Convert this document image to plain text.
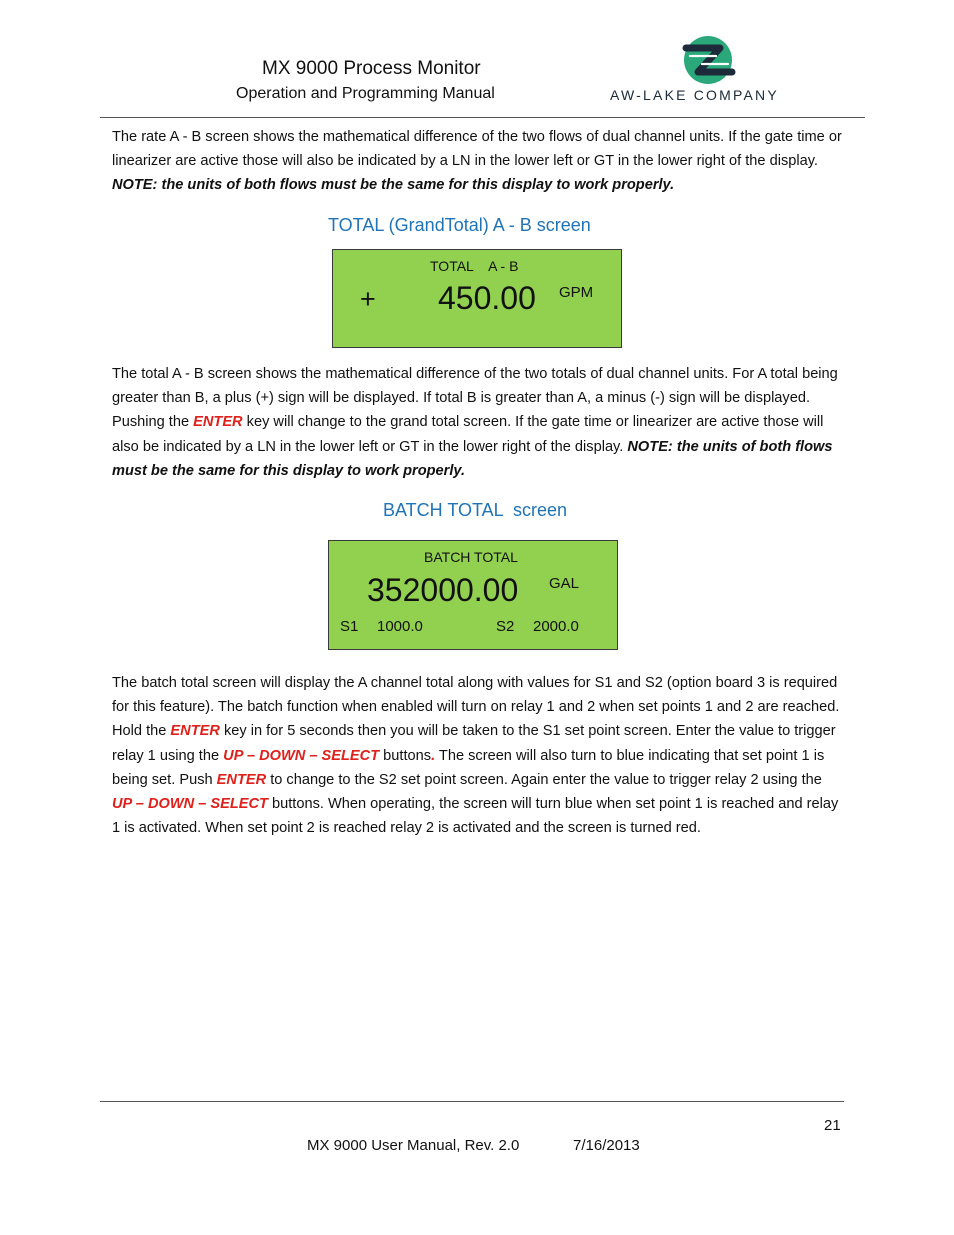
MX 9000 Process Monitor
Operation and Programming Manual	AW-LAKE COMPANY

The rate A - B screen shows the mathematical difference of the two flows of dual channel units. If the gate time or linearizer are active those will also be indicated by a LN in the lower left or GT in the lower right of the display. NOTE: the units of both flows must be the same for this display to work properly.

TOTAL (GrandTotal) A - B screen
TOTAL    A - B
+ 450.00 GPM

The total A - B screen shows the mathematical difference of the two totals of dual channel units. For A total being greater than B, a plus (+) sign will be displayed. If total B is greater than A, a minus (-) sign will be displayed. Pushing the ENTER key will change to the grand total screen. If the gate time or linearizer are active those will also be indicated by a LN in the lower left or GT in the lower right of the display. NOTE: the units of both flows must be the same for this display to work properly.

BATCH TOTAL  screen
BATCH TOTAL
352000.00 GAL
S1 1000.0	S2 2000.0

The batch total screen will display the A channel total along with values for S1 and S2 (option board 3 is required for this feature). The batch function when enabled will turn on relay 1 and 2 when set points 1 and 2 are reached. Hold the ENTER key in for 5 seconds then you will be taken to the S1 set point screen. Enter the value to trigger relay 1 using the UP – DOWN – SELECT buttons. The screen will also turn to blue indicating that set point 1 is being set. Push ENTER to change to the S2 set point screen. Again enter the value to trigger relay 2 using the UP – DOWN – SELECT buttons. When operating, the screen will turn blue when set point 1 is reached and relay 1 is activated. When set point 2 is reached relay 2 is activated and the screen is turned red.

21
MX 9000 User Manual, Rev. 2.0	7/16/2013
